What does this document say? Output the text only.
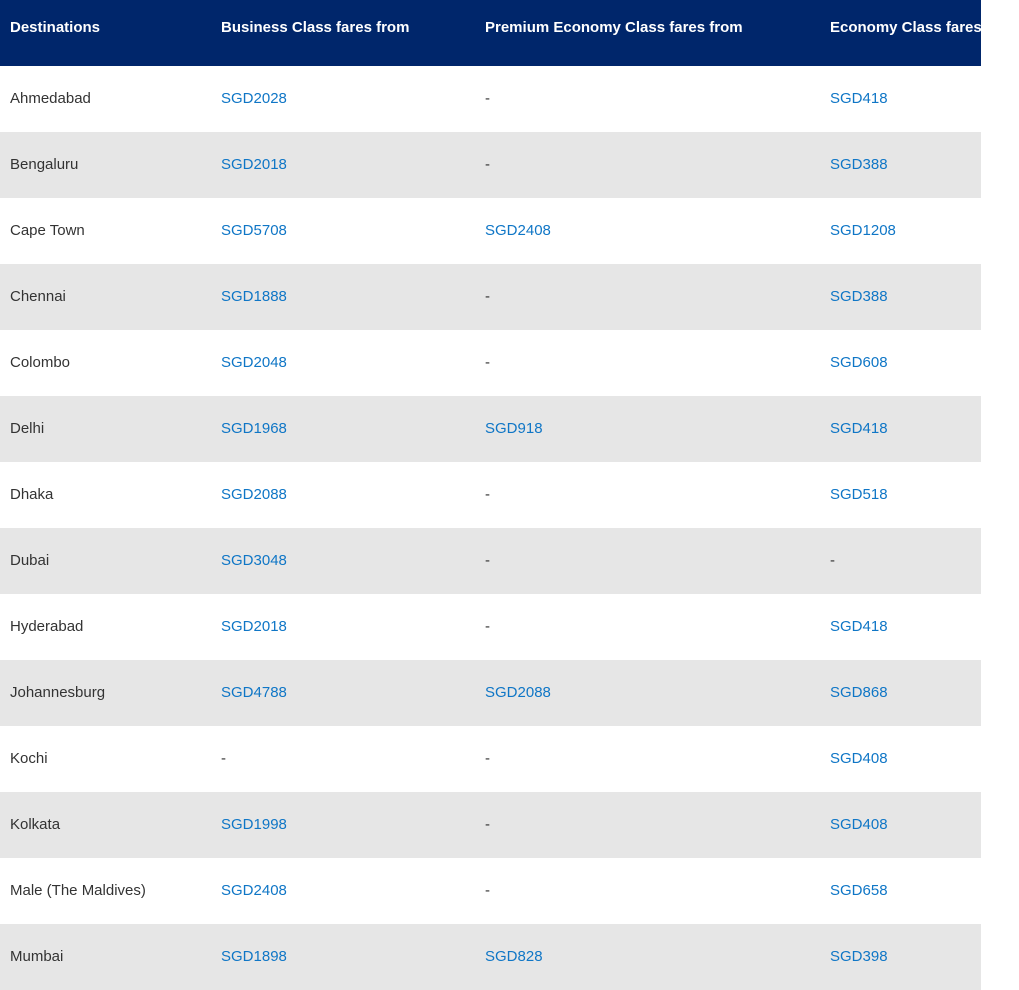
Destinations	Business Class fares from	Premium Economy Class fares from	Economy Class fares from
Ahmedabad	SGD2028	-	SGD418
Bengaluru	SGD2018	-	SGD388
Cape Town	SGD5708	SGD2408	SGD1208
Chennai	SGD1888	-	SGD388
Colombo	SGD2048	-	SGD608
Delhi	SGD1968	SGD918	SGD418
Dhaka	SGD2088	-	SGD518
Dubai	SGD3048	-	-
Hyderabad	SGD2018	-	SGD418
Johannesburg	SGD4788	SGD2088	SGD868
Kochi	-	-	SGD408
Kolkata	SGD1998	-	SGD408
Male (The Maldives)	SGD2408	-	SGD658
Mumbai	SGD1898	SGD828	SGD398
